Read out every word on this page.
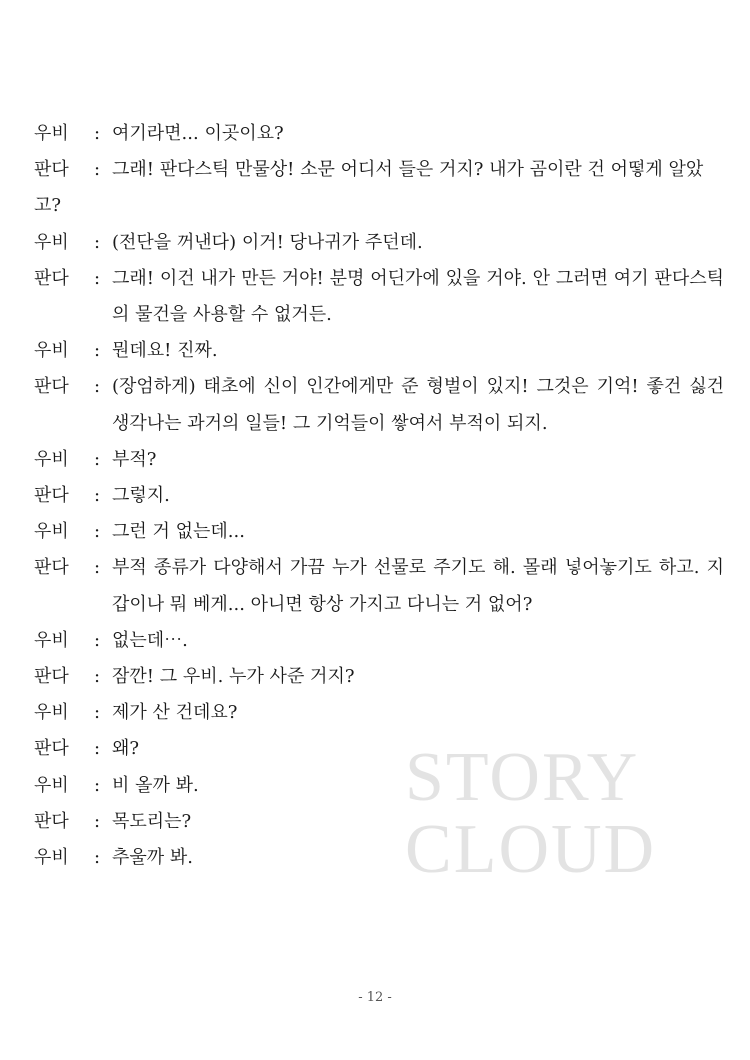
STORY
CLOUD
우비	: 여기라면... 이곳이요?
판다 : 그래! 판다스틱 만물상! 소문 어디서 들은 거지? 내가 곰이란 건 어떻게 알았고?
우비	: (전단을 꺼낸다) 이거! 당나귀가 주던데.
판다	: 그래! 이건 내가 만든 거야! 분명 어딘가에 있을 거야. 안 그러면 여기 판다스틱의 물건을 사용할 수 없거든.
우비	: 뭔데요! 진짜.
판다	: (장엄하게) 태초에 신이 인간에게만 준 형벌이 있지! 그것은 기억! 좋건 싫건 생각나는 과거의 일들! 그 기억들이 쌓여서 부적이 되지.
우비	: 부적?
판다	: 그렇지.
우비	: 그런 거 없는데...
판다	: 부적 종류가 다양해서 가끔 누가 선물로 주기도 해. 몰래 넣어놓기도 하고. 지갑이나 뭐 베게... 아니면 항상 가지고 다니는 거 없어?
우비	: 없는데⋯.
판다	: 잠깐! 그 우비. 누가 사준 거지?
우비	: 제가 산 건데요?
판다	: 왜?
우비	: 비 올까 봐.
판다	: 목도리는?
우비	: 추울까 봐.
- 12 -
